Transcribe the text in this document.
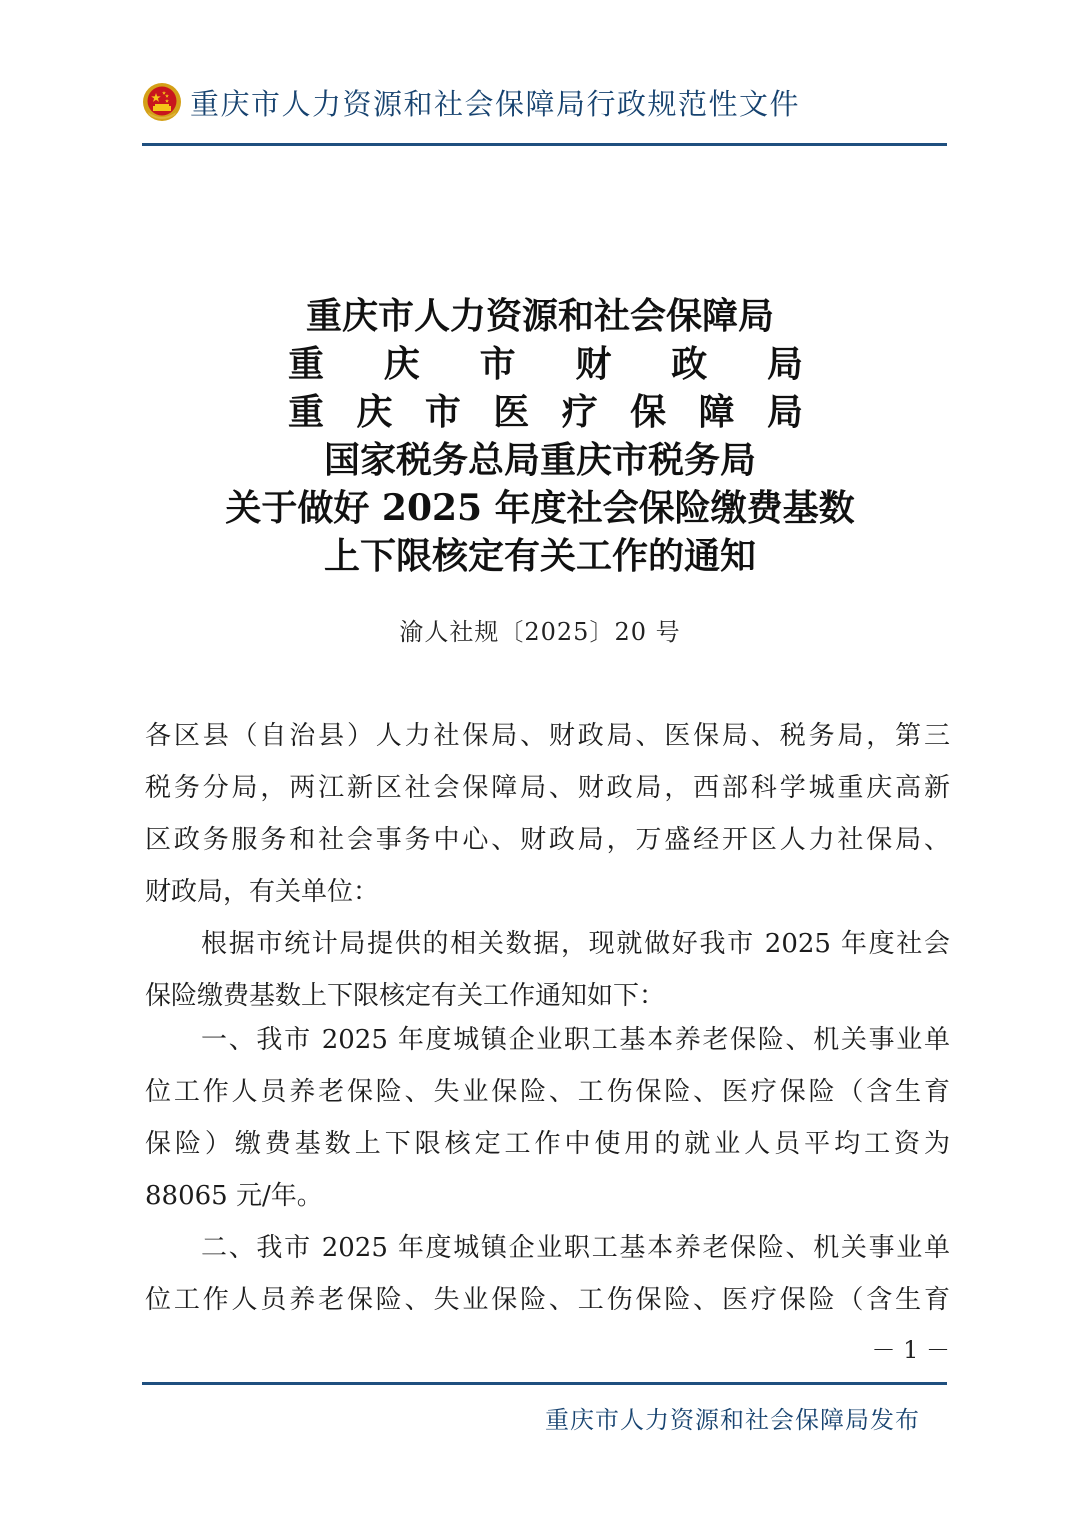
重庆市人力资源和社会保障局行政规范性文件
重庆市人力资源和社会保障局
重 庆 市 财 政 局
重 庆 市 医 疗 保 障 局
国家税务总局重庆市税务局
关于做好 2025 年度社会保险缴费基数
上下限核定有关工作的通知
渝人社规〔2025〕20 号
各区县（自治县）人力社保局、财政局、医保局、税务局，第三
税务分局，两江新区社会保障局、财政局，西部科学城重庆高新
区政务服务和社会事务中心、财政局，万盛经开区人力社保局、
财政局，有关单位：
根据市统计局提供的相关数据，现就做好我市 2025 年度社会
保险缴费基数上下限核定有关工作通知如下：
一、我市 2025 年度城镇企业职工基本养老保险、机关事业单
位工作人员养老保险、失业保险、工伤保险、医疗保险（含生育
保险）缴费基数上下限核定工作中使用的就业人员平均工资为
88065 元/年。
二、我市 2025 年度城镇企业职工基本养老保险、机关事业单
位工作人员养老保险、失业保险、工伤保险、医疗保险（含生育
－ 1 －
重庆市人力资源和社会保障局发布
